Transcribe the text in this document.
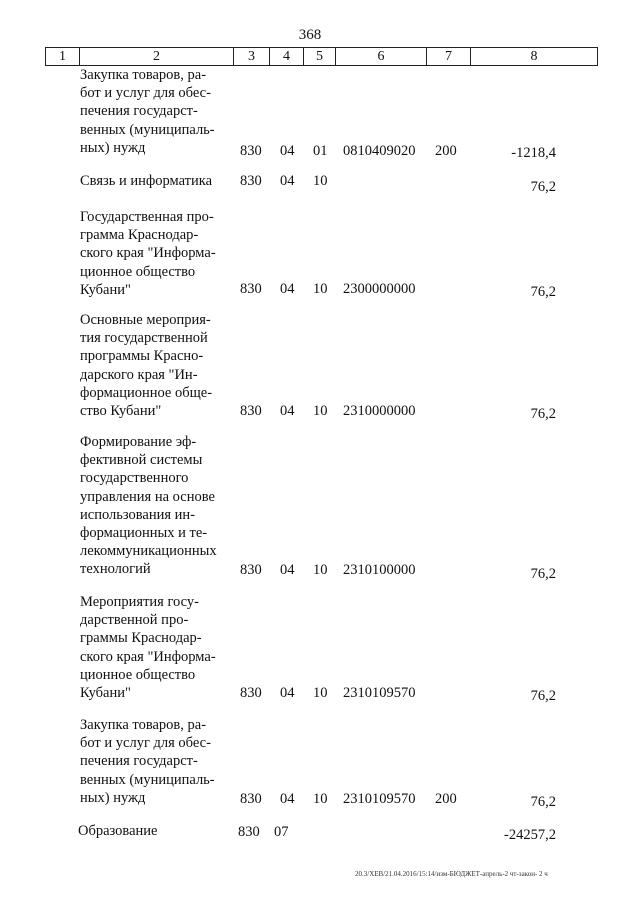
368
1	2	3	4	5	6	7	8
Закупка товаров, ра-
бот и услуг для обес-
печения государст-
венных (муниципаль-
ных) нужд	830 04 01 0810409020 200	-1218,4
Связь и информатика	830 04 10	76,2
Государственная про-
грамма Краснодар-
ского края "Информа-
ционное общество
Кубани"	830 04 10 2300000000	76,2
Основные мероприя-
тия государственной
программы Красно-
дарского края "Ин-
формационное обще-
ство Кубани"	830 04 10 2310000000	76,2
Формирование эф-
фективной системы
государственного
управления на основе
использования ин-
формационных и те-
лекоммуникационных
технологий	830 04 10 2310100000	76,2
Мероприятия госу-
дарственной про-
граммы Краснодар-
ского края "Информа-
ционное общество
Кубани"	830 04 10 2310109570	76,2
Закупка товаров, ра-
бот и услуг для обес-
печения государст-
венных (муниципаль-
ных) нужд	830 04 10 2310109570 200	76,2
Образование	830 07	-24257,2
20.3/ХЕВ/21.04.2016/15:14/изм-БЮДЖЕТ-апрель-2 чт-закон- 2 ч
